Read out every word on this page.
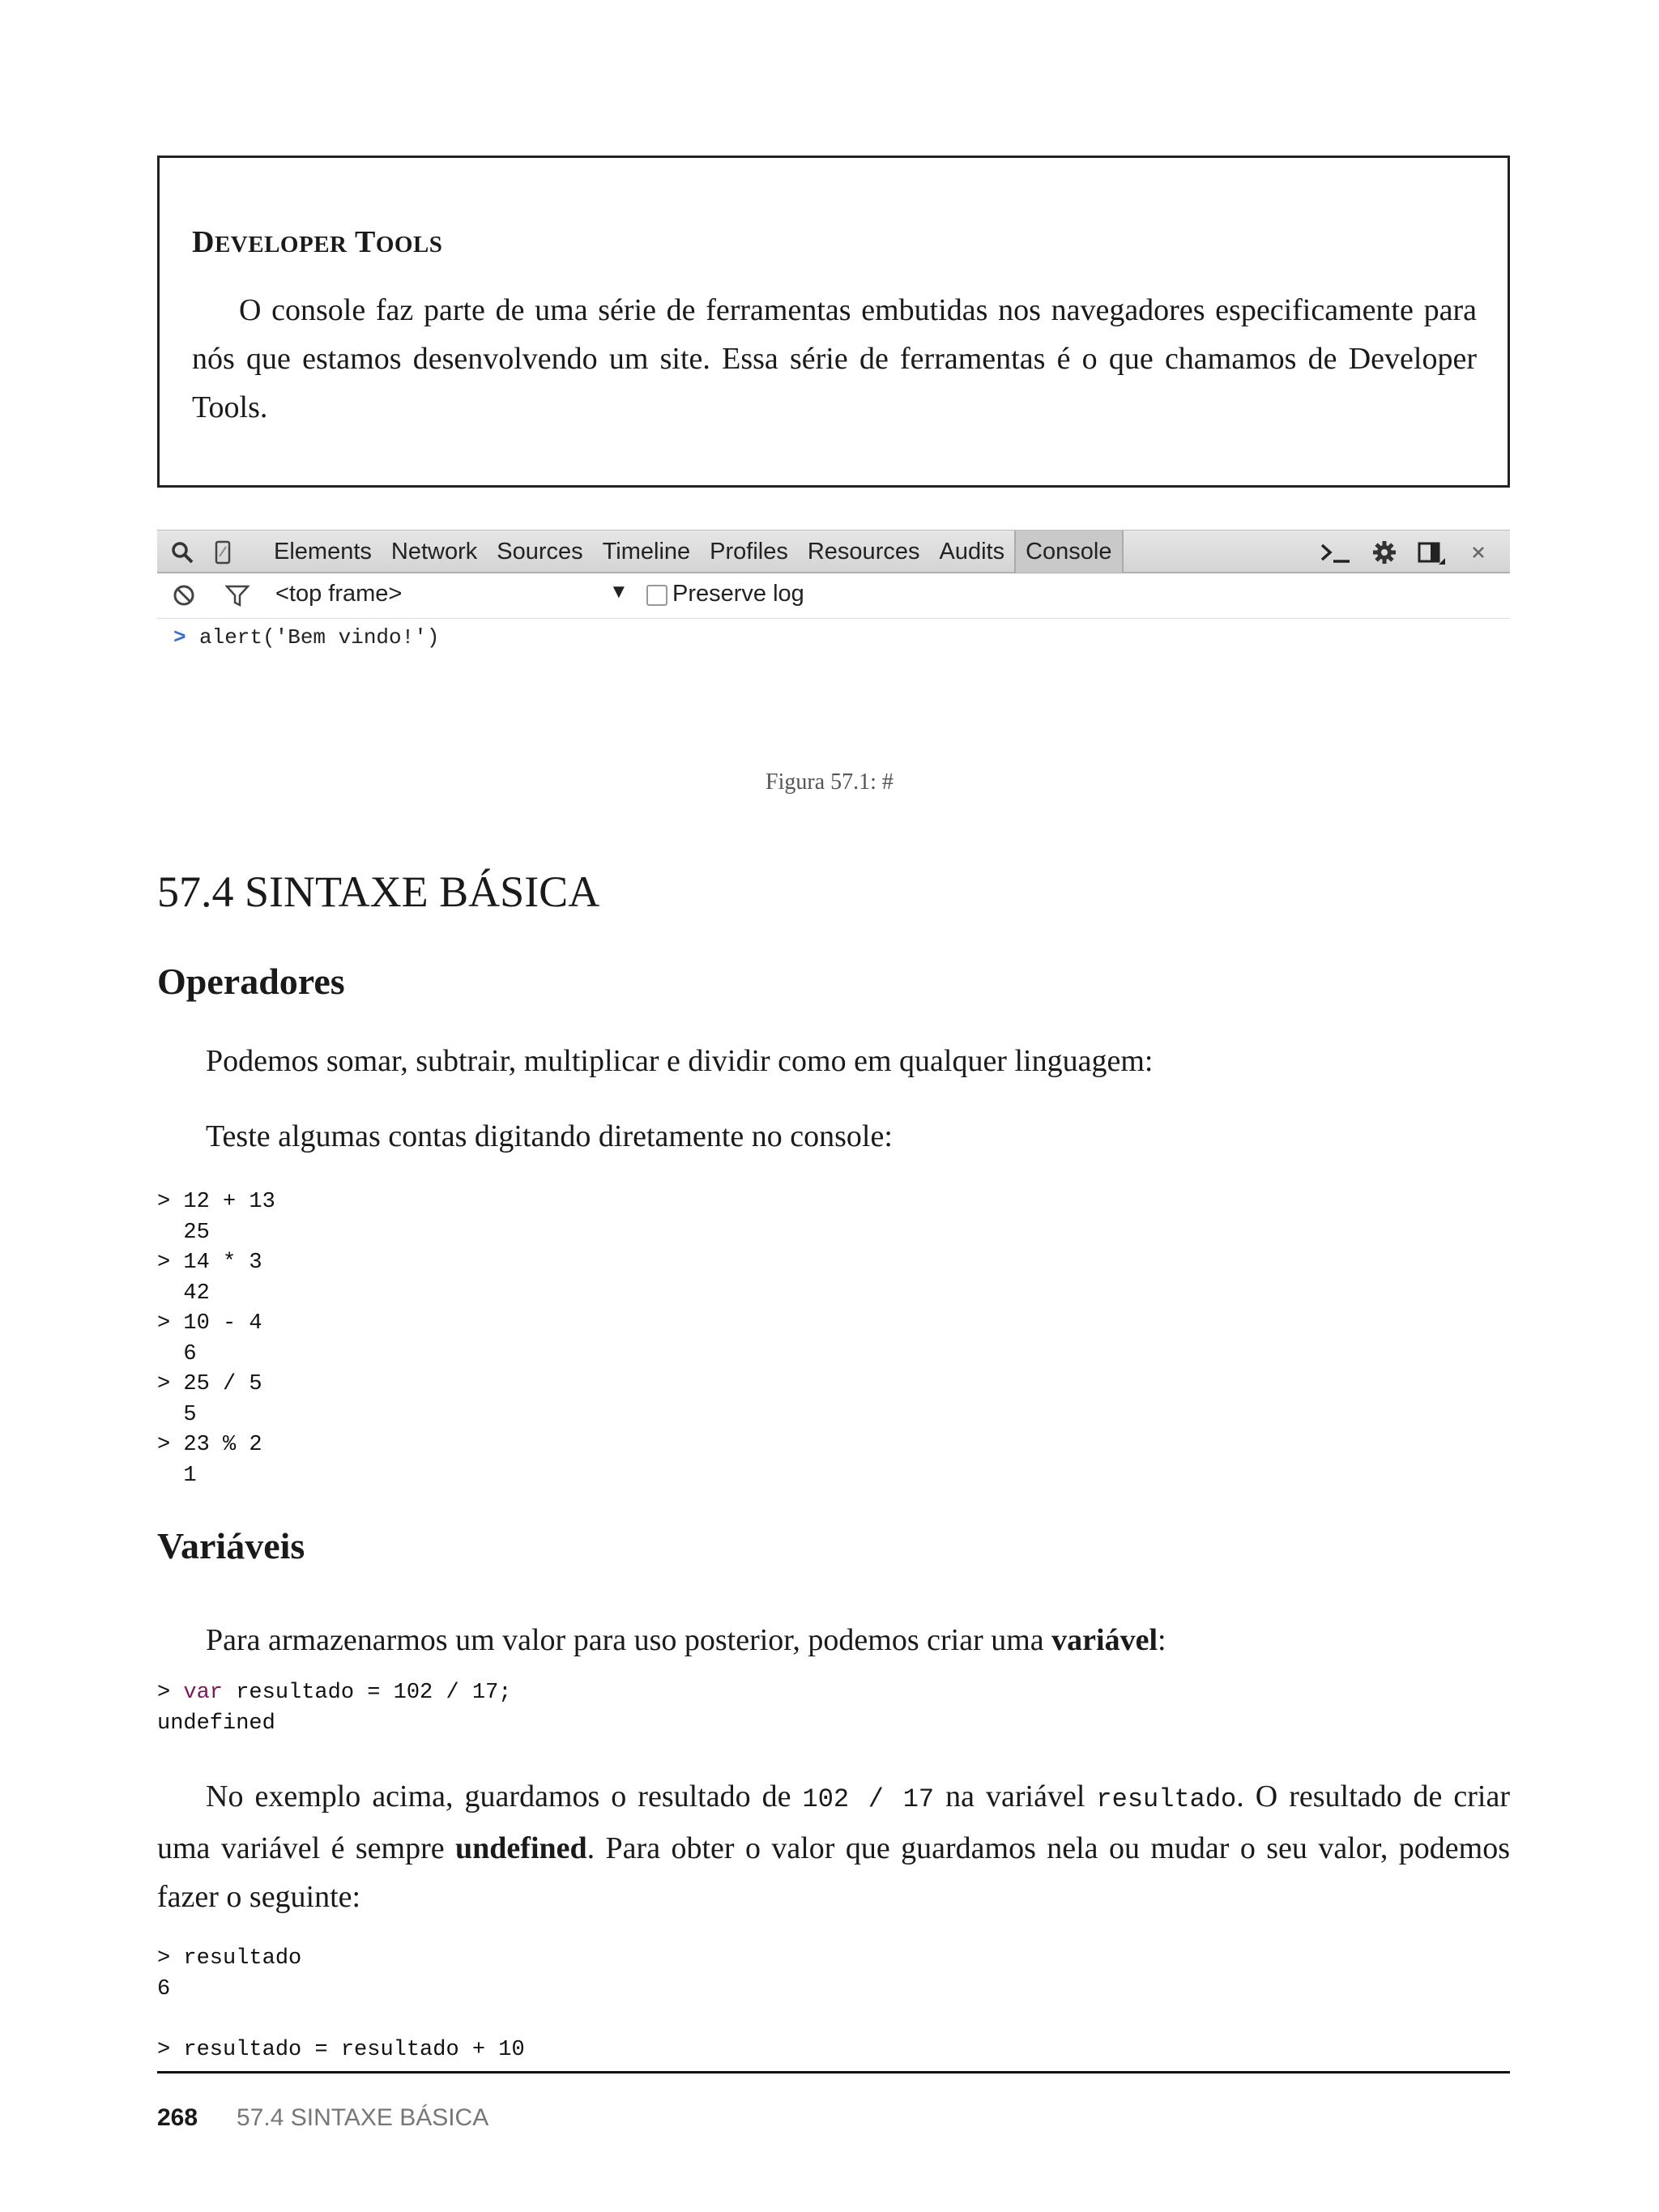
DEVELOPER TOOLS
O console faz parte de uma série de ferramentas embutidas nos navegadores especificamente para nós que estamos desenvolvendo um site. Essa série de ferramentas é o que chamamos de Developer Tools.
Elements Network Sources Timeline Profiles Resources Audits Console
<top frame>	▼ Preserve log
> alert('Bem vindo!')
Figura 57.1: #
57.4 SINTAXE BÁSICA
Operadores
Podemos somar, subtrair, multiplicar e dividir como em qualquer linguagem:
Teste algumas contas digitando diretamente no console:
> 12 + 13
25
> 14 * 3
42
> 10 - 4
6
> 25 / 5
5
> 23 % 2
1
Variáveis
Para armazenarmos um valor para uso posterior, podemos criar uma variável:
> var resultado = 102 / 17;
undefined
No exemplo acima, guardamos o resultado de 102 / 17 na variável resultado. O resultado de criar uma variável é sempre undefined. Para obter o valor que guardamos nela ou mudar o seu valor, podemos fazer o seguinte:
> resultado
6

> resultado = resultado + 10
268 57.4 SINTAXE BÁSICA
